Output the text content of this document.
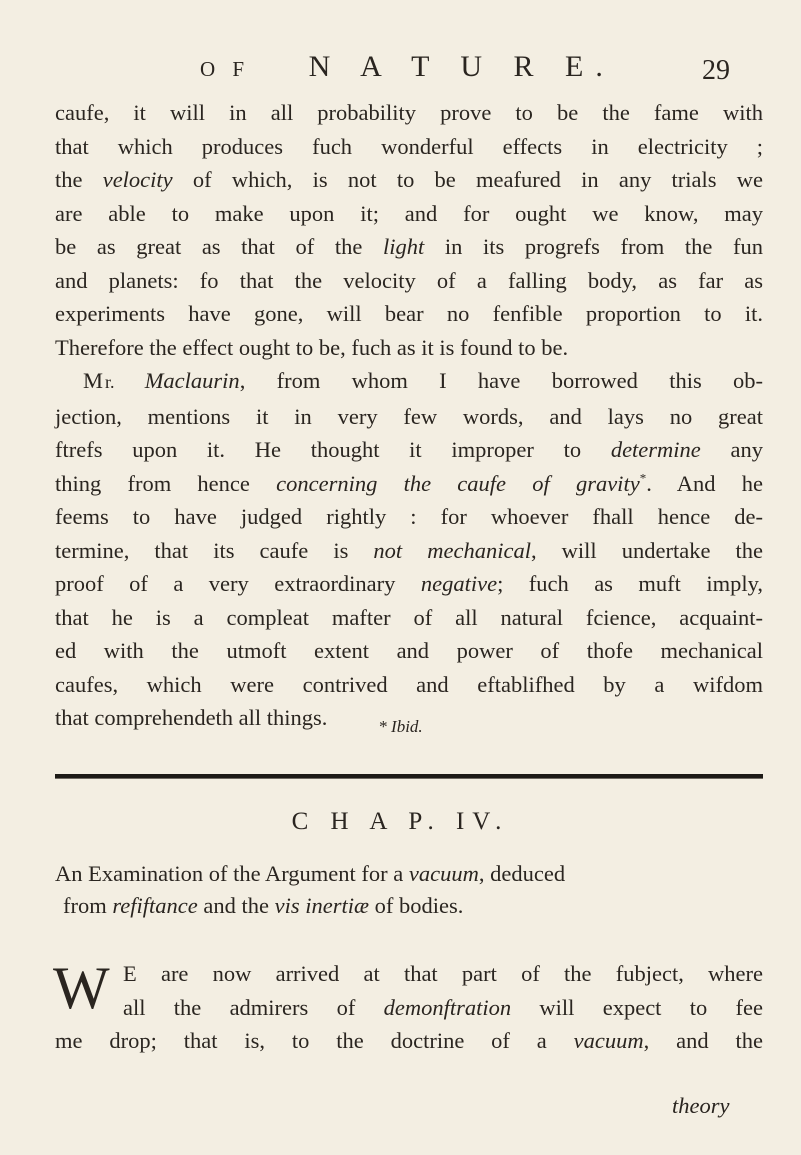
O F N A T U R E.	29

caufe, it will in all probability prove to be the fame with
that which produces fuch wonderful effects in electricity ;
the velocity of which, is not to be meafured in any trials we
are able to make upon it; and for ought we know, may
be as great as that of the light in its progrefs from the fun
and planets: fo that the velocity of a falling body, as far as
experiments have gone, will bear no fenfible proportion to it.
Therefore the effect ought to be, fuch as it is found to be.

Mr. Maclaurin, from whom I have borrowed this ob-
jection, mentions it in very few words, and lays no great
ftrefs upon it. He thought it improper to determine any
thing from hence concerning the caufe of gravity*. And he
feems to have judged rightly : for whoever fhall hence de-
termine, that its caufe is not mechanical, will undertake the
proof of a very extraordinary negative; fuch as muft imply,
that he is a compleat mafter of all natural fcience, acquaint-
ed with the utmoft extent and power of thofe mechanical
caufes, which were contrived and eftablifhed by a wifdom
that comprehendeth all things.	* Ibid.
C H A P. IV.
An Examination of the Argument for a vacuum, deduced
from refiftance and the vis inertiæ of bodies.
W E are now arrived at that part of the fubject, where
all the admirers of demonftration will expect to fee
me drop; that is, to the doctrine of a vacuum, and the
theory
